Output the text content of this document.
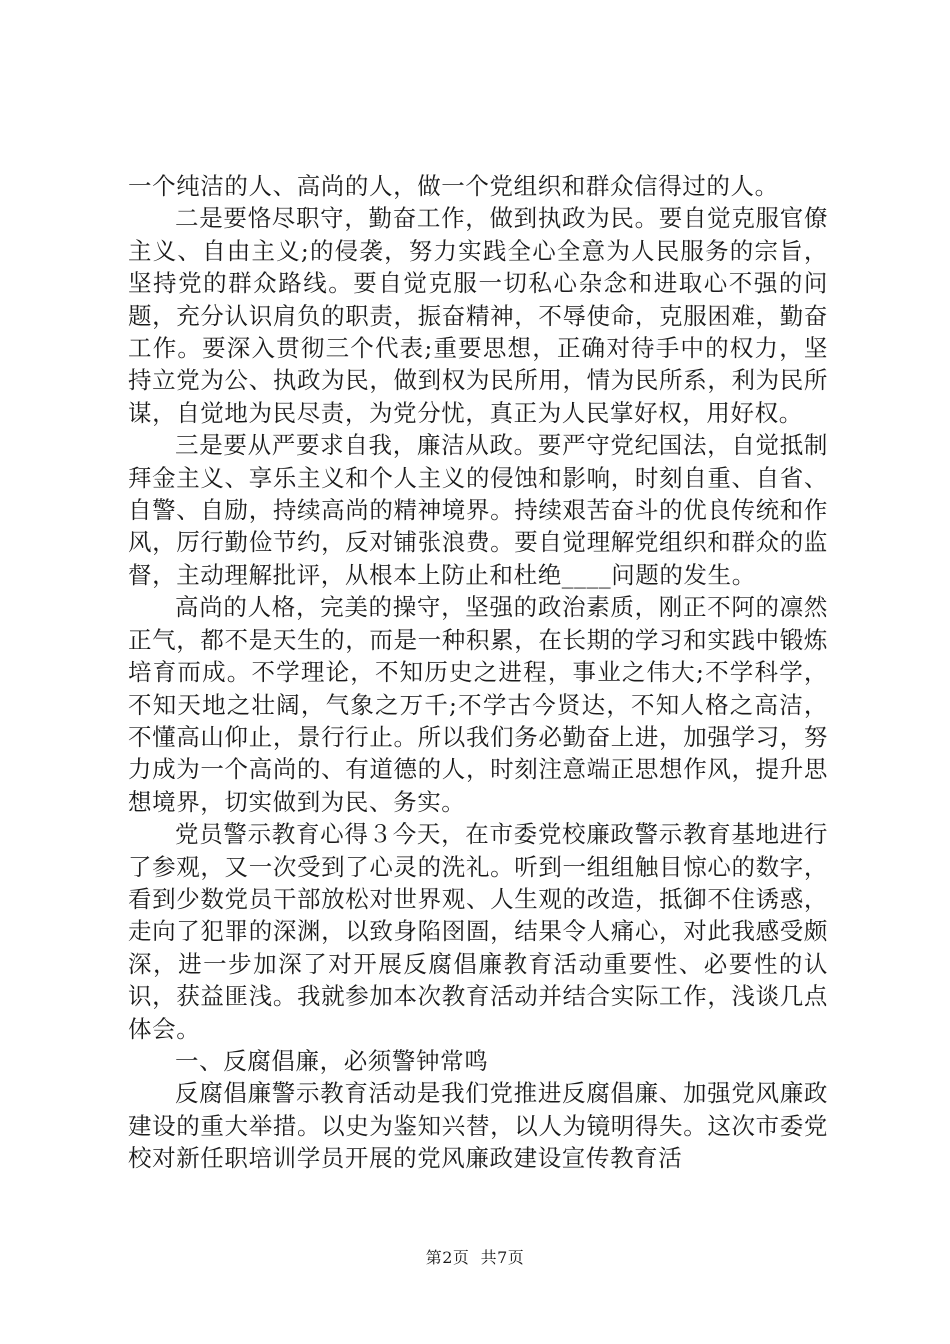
一个纯洁的人、高尚的人，做一个党组织和群众信得过的人。

二是要恪尽职守，勤奋工作，做到执政为民。要自觉克服官僚主义、自由主义;的侵袭，努力实践全心全意为人民服务的宗旨，坚持党的群众路线。要自觉克服一切私心杂念和进取心不强的问题，充分认识肩负的职责，振奋精神，不辱使命，克服困难，勤奋工作。要深入贯彻三个代表;重要思想，正确对待手中的权力，坚持立党为公、执政为民，做到权为民所用，情为民所系，利为民所谋，自觉地为民尽责，为党分忧，真正为人民掌好权，用好权。

三是要从严要求自我，廉洁从政。要严守党纪国法，自觉抵制拜金主义、享乐主义和个人主义的侵蚀和影响，时刻自重、自省、自警、自励，持续高尚的精神境界。持续艰苦奋斗的优良传统和作风，厉行勤俭节约，反对铺张浪费。要自觉理解党组织和群众的监督，主动理解批评，从根本上防止和杜绝____问题的发生。

高尚的人格，完美的操守，坚强的政治素质，刚正不阿的凛然正气，都不是天生的，而是一种积累，在长期的学习和实践中锻炼培育而成。不学理论，不知历史之进程，事业之伟大;不学科学，不知天地之壮阔，气象之万千;不学古今贤达，不知人格之高洁，不懂高山仰止，景行行止。所以我们务必勤奋上进，加强学习，努力成为一个高尚的、有道德的人，时刻注意端正思想作风，提升思想境界，切实做到为民、务实。

党员警示教育心得３今天，在市委党校廉政警示教育基地进行了参观，又一次受到了心灵的洗礼。听到一组组触目惊心的数字，看到少数党员干部放松对世界观、人生观的改造，抵御不住诱惑，走向了犯罪的深渊，以致身陷囹圄，结果令人痛心，对此我感受颇深，进一步加深了对开展反腐倡廉教育活动重要性、必要性的认识，获益匪浅。我就参加本次教育活动并结合实际工作，浅谈几点体会。

一、反腐倡廉，必须警钟常鸣

反腐倡廉警示教育活动是我们党推进反腐倡廉、加强党风廉政建设的重大举措。以史为鉴知兴替，以人为镜明得失。这次市委党校对新任职培训学员开展的党风廉政建设宣传教育活

第2页  共7页
